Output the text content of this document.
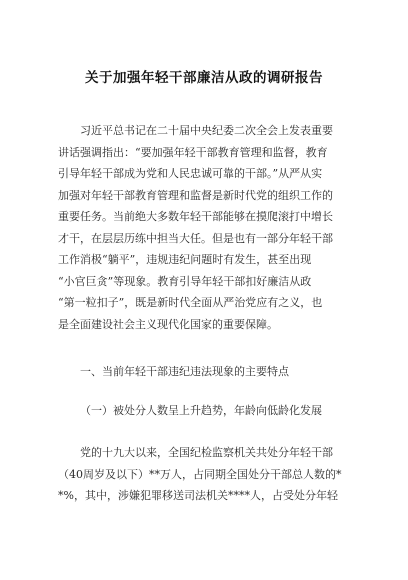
关于加强年轻干部廉洁从政的调研报告
习近平总书记在二十届中央纪委二次全会上发表重要
讲话强调指出：“要加强年轻干部教育管理和监督，教育
引导年轻干部成为党和人民忠诚可靠的干部。”从严从实
加强对年轻干部教育管理和监督是新时代党的组织工作的
重要任务。当前绝大多数年轻干部能够在摸爬滚打中增长
才干，在层层历练中担当大任。但是也有一部分年轻干部
工作消极“躺平”，违规违纪问题时有发生，甚至出现
“小官巨贪”等现象。教育引导年轻干部扣好廉洁从政
“第一粒扣子”，既是新时代全面从严治党应有之义，也
是全面建设社会主义现代化国家的重要保障。
一、当前年轻干部违纪违法现象的主要特点
（一）被处分人数呈上升趋势，年龄向低龄化发展
党的十九大以来，全国纪检监察机关共处分年轻干部
（40周岁及以下）**万人，占同期全国处分干部总人数的*
*%，其中，涉嫌犯罪移送司法机关****人，占受处分年轻
